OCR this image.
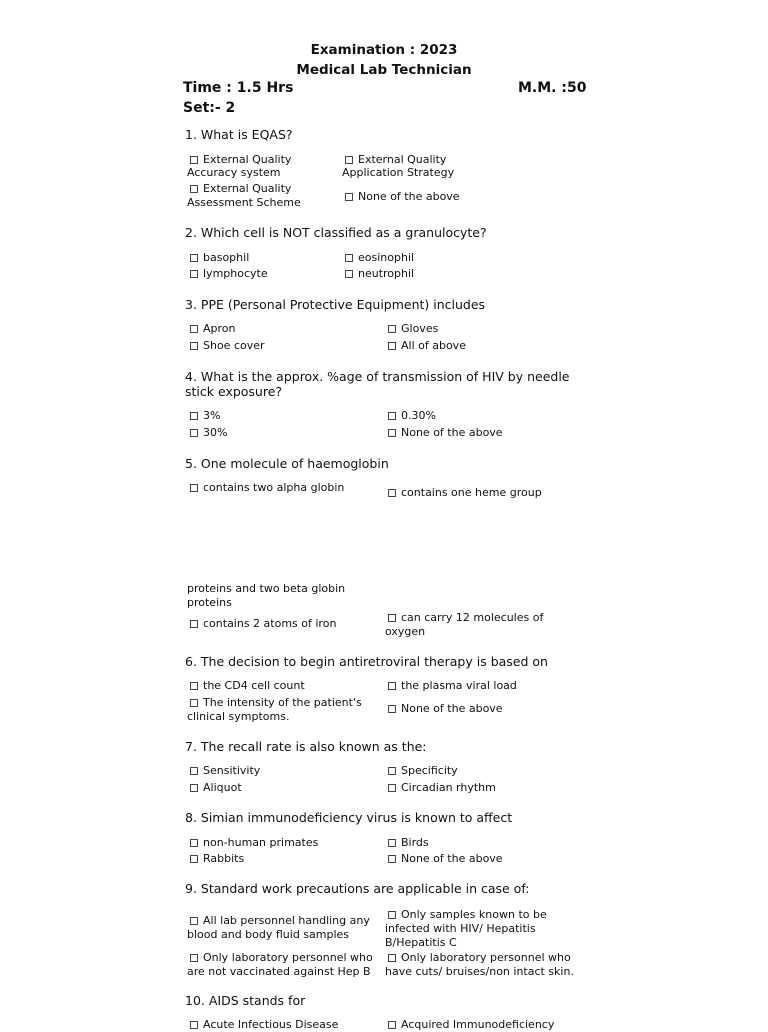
Examination : 2023
Medical Lab Technician
Time : 1.5 Hrs	M.M. :50
Set:- 2
1. What is EQAS?
External Quality
Accuracy system
External Quality
Application Strategy
External Quality
Assessment Scheme	None of the above
2. Which cell is NOT classified as a granulocyte?
basophil	eosinophil
lymphocyte	neutrophil
3. PPE (Personal Protective Equipment) includes
Apron	Gloves
Shoe cover	All of above
4. What is the approx. %age of transmission of HIV by needle
stick exposure?
3%	0.30%
30%	None of the above
5. One molecule of haemoglobin
contains two alpha globin	contains one heme group
proteins and two beta globin
proteins
can carry 12 molecules of
oxygen
contains 2 atoms of iron
6. The decision to begin antiretroviral therapy is based on
the CD4 cell count	the plasma viral load
The intensity of the patient's
clinical symptoms.
None of the above
7. The recall rate is also known as the:
Sensitivity	Specificity
Aliquot	Circadian rhythm
8. Simian immunodeficiency virus is known to affect
non-human primates	Birds
Rabbits	None of the above
9. Standard work precautions are applicable in case of:
All lab personnel handling any
blood and body fluid samples
Only samples known to be
infected with HIV/ Hepatitis
B/Hepatitis C
Only laboratory personnel who
are not vaccinated against Hep B
Only laboratory personnel who
have cuts/ bruises/non intact skin.
10. AIDS stands for
Acute Infectious Disease	Acquired Immunodeficiency
